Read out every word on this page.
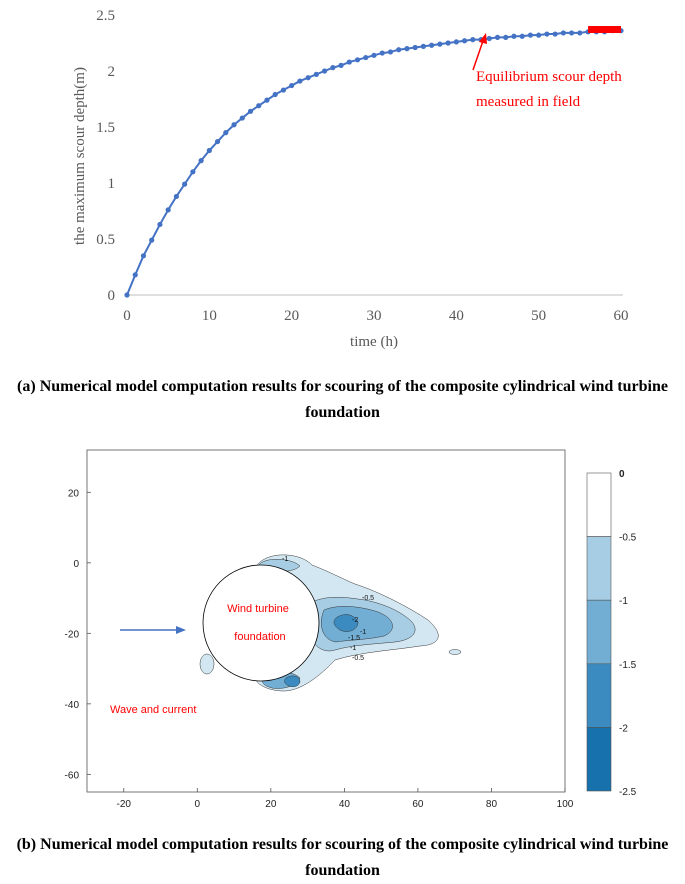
0
0.5
1
1.5
2
2.5
0	10	20	30	40	50	60
the maximum scour depth(m)
time (h)
Equilibrium scour depth
measured in field
(a) Numerical model computation results for scouring of the composite cylindrical wind turbine foundation
-1
-0.5
-1
-1.5
-2
-1
-0.5
Wind turbine
foundation
Wave and current
-20	0	20	40	60	80	100
20
0
-20
-40
-60
0
-0.5
-1
-1.5
-2
-2.5
(b) Numerical model computation results for scouring of the composite cylindrical wind turbine foundation
